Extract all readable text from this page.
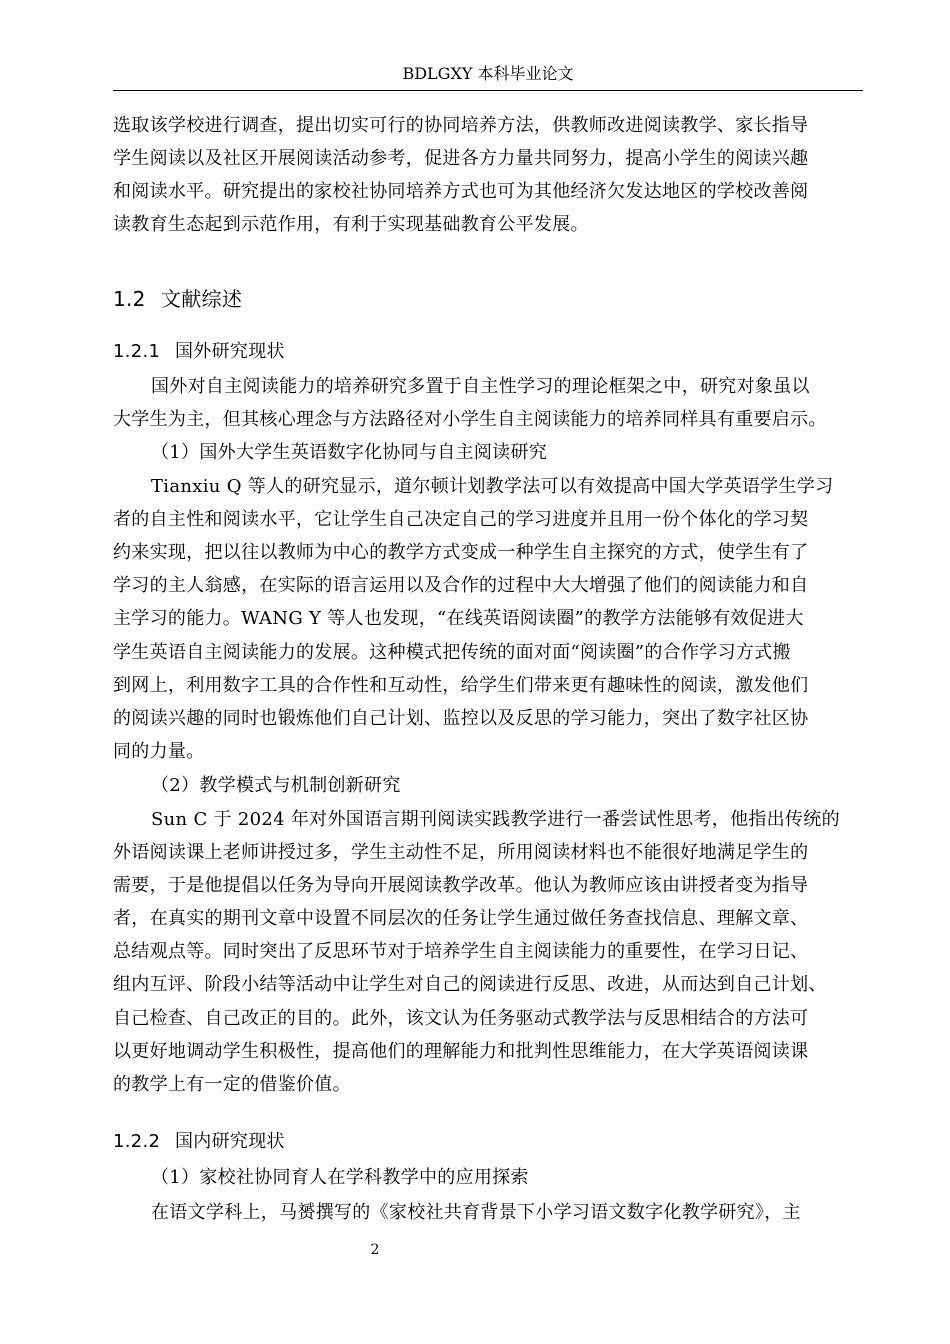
BDLGXY 本科毕业论文
选取该学校进行调查，提出切实可行的协同培养方法，供教师改进阅读教学、家长指导
学生阅读以及社区开展阅读活动参考，促进各方力量共同努力，提高小学生的阅读兴趣
和阅读水平。研究提出的家校社协同培养方式也可为其他经济欠发达地区的学校改善阅
读教育生态起到示范作用，有利于实现基础教育公平发展。
1.2 文献综述
1.2.1 国外研究现状
国外对自主阅读能力的培养研究多置于自主性学习的理论框架之中，研究对象虽以
大学生为主，但其核心理念与方法路径对小学生自主阅读能力的培养同样具有重要启示。
（1）国外大学生英语数字化协同与自主阅读研究
Tianxiu Q 等人的研究显示，道尔顿计划教学法可以有效提高中国大学英语学生学习
者的自主性和阅读水平，它让学生自己决定自己的学习进度并且用一份个体化的学习契
约来实现，把以往以教师为中心的教学方式变成一种学生自主探究的方式，使学生有了
学习的主人翁感，在实际的语言运用以及合作的过程中大大增强了他们的阅读能力和自
主学习的能力。WANG Y 等人也发现，“在线英语阅读圈”的教学方法能够有效促进大
学生英语自主阅读能力的发展。这种模式把传统的面对面“阅读圈”的合作学习方式搬
到网上，利用数字工具的合作性和互动性，给学生们带来更有趣味性的阅读，激发他们
的阅读兴趣的同时也锻炼他们自己计划、监控以及反思的学习能力，突出了数字社区协
同的力量。
（2）教学模式与机制创新研究
Sun C 于 2024 年对外国语言期刊阅读实践教学进行一番尝试性思考，他指出传统的
外语阅读课上老师讲授过多，学生主动性不足，所用阅读材料也不能很好地满足学生的
需要，于是他提倡以任务为导向开展阅读教学改革。他认为教师应该由讲授者变为指导
者，在真实的期刊文章中设置不同层次的任务让学生通过做任务查找信息、理解文章、
总结观点等。同时突出了反思环节对于培养学生自主阅读能力的重要性，在学习日记、
组内互评、阶段小结等活动中让学生对自己的阅读进行反思、改进，从而达到自己计划、
自己检查、自己改正的目的。此外，该文认为任务驱动式教学法与反思相结合的方法可
以更好地调动学生积极性，提高他们的理解能力和批判性思维能力，在大学英语阅读课
的教学上有一定的借鉴价值。
1.2.2 国内研究现状
（1）家校社协同育人在学科教学中的应用探索
在语文学科上，马赟撰写的《家校社共育背景下小学习语文数字化教学研究》，主
2
